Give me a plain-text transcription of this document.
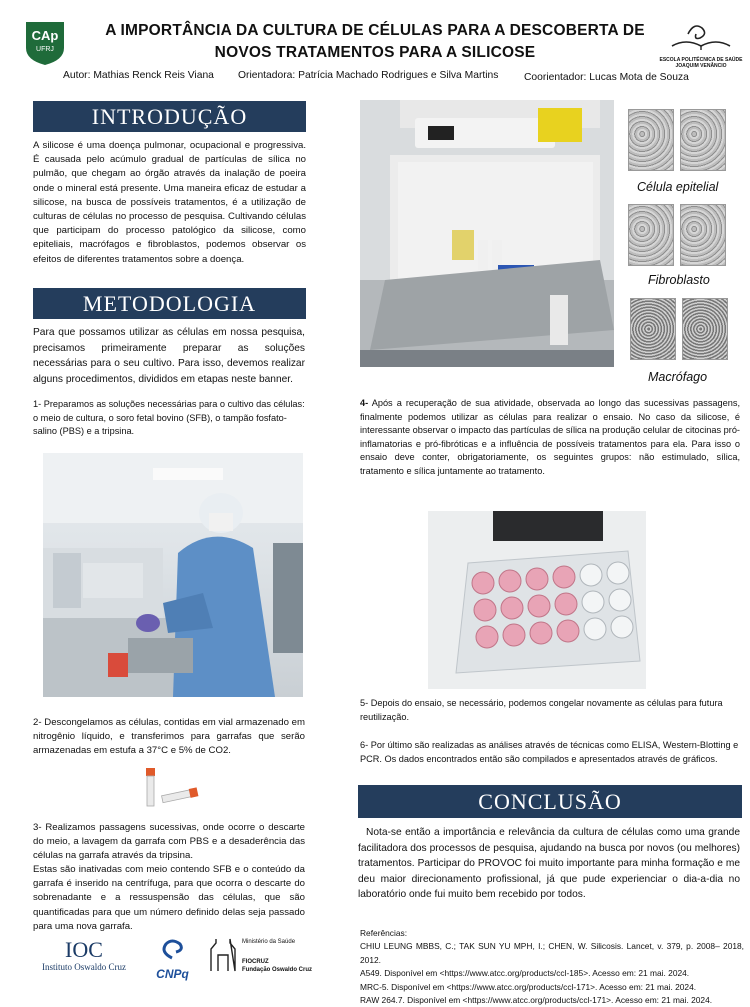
CAp
UFRJ
A IMPORTÂNCIA DA CULTURA DE CÉLULAS PARA A DESCOBERTA DE NOVOS TRATAMENTOS PARA A SILICOSE	ESCOLA POLITÉCNICA DE SAÚDE
JOAQUIM VENÂNCIO
Autor: Mathias Renck Reis Viana Orientadora: Patrícia Machado Rodrigues e Silva Martins Coorientador: Lucas Mota de Souza
INTRODUÇÃO
A silicose é uma doença pulmonar, ocupacional e progressiva. É causada pelo acúmulo gradual de partículas de sílica no pulmão, que chegam ao órgão através da inalação de poeira onde o mineral está presente. Uma maneira eficaz de estudar a silicose, na busca de possíveis tratamentos, é a utilização de culturas de células no processo de pesquisa. Cultivando células que participam do processo patológico da silicose, como epiteliais, macrófagos e fibroblastos, podemos observar os efeitos de diferentes tratamentos sobre a doença.
METODOLOGIA
Para que possamos utilizar as células em nossa pesquisa, precisamos primeiramente preparar as soluções necessárias para o seu cultivo. Para isso, devemos realizar alguns procedimentos, divididos em etapas neste banner.
1- Preparamos as soluções necessárias para o cultivo das células: o meio de cultura, o soro fetal bovino (SFB), o tampão fosfato-salino (PBS) e a tripsina.
2- Descongelamos as células, contidas em vial armazenado em nitrogênio líquido, e transferimos para garrafas que serão armazenadas em estufa a 37°C e 5% de CO2.
3- Realizamos passagens sucessivas, onde ocorre o descarte do meio, a lavagem da garrafa com PBS e a desaderência das células na garrafa através da tripsina.
Estas são inativadas com meio contendo SFB e o conteúdo da garrafa é inserido na centrífuga, para que ocorra o descarte do sobrenadante e a ressuspensão das células, que são quantificadas para que um número definido delas seja passado para uma nova garrafa.
IOC
Instituto Oswaldo Cruz	CNPq
Ministério da Saúde
FIOCRUZ
Fundação Oswaldo Cruz
Célula epitelial
Fibroblasto
Macrófago
4- Após a recuperação de sua atividade, observada ao longo das sucessivas passagens, finalmente podemos utilizar as células para realizar o ensaio. No caso da silicose, é interessante observar o impacto das partículas de sílica na produção celular de citocinas pró-inflamatorias e pró-fibróticas e a influência de possíveis tratamentos para ela. Para isso o ensaio deve conter, obrigatoriamente, os seguintes grupos: não estimulado, sílica, tratamento e sílica juntamente ao tratamento.
5- Depois do ensaio, se necessário, podemos congelar novamente as células para futura reutilização.
6- Por último são realizadas as análises através de técnicas como ELISA, Western-Blotting e PCR. Os dados encontrados então são compilados e apresentados através de gráficos.
CONCLUSÃO
Nota-se então a importância e relevância da cultura de células como uma grande facilitadora dos processos de pesquisa, ajudando na busca por novos (ou melhores) tratamentos. Participar do PROVOC foi muito importante para minha formação e me deu maior direcionamento profissional, já que pude experienciar o dia-a-dia no laboratório onde fui muito bem recebido por todos.
Referências:
CHIU LEUNG MBBS, C.; TAK SUN YU MPH, I.; CHEN, W. Silicosis. Lancet, v. 379, p. 2008– 2018, 2012.
A549. Disponível em <https://www.atcc.org/products/ccl-185>. Acesso em: 21 mai. 2024.
MRC-5. Disponível em <https://www.atcc.org/products/ccl-171>. Acesso em: 21 mai. 2024.
RAW 264.7. Disponível em <https://www.atcc.org/products/ccl-171>. Acesso em: 21 mai. 2024.
